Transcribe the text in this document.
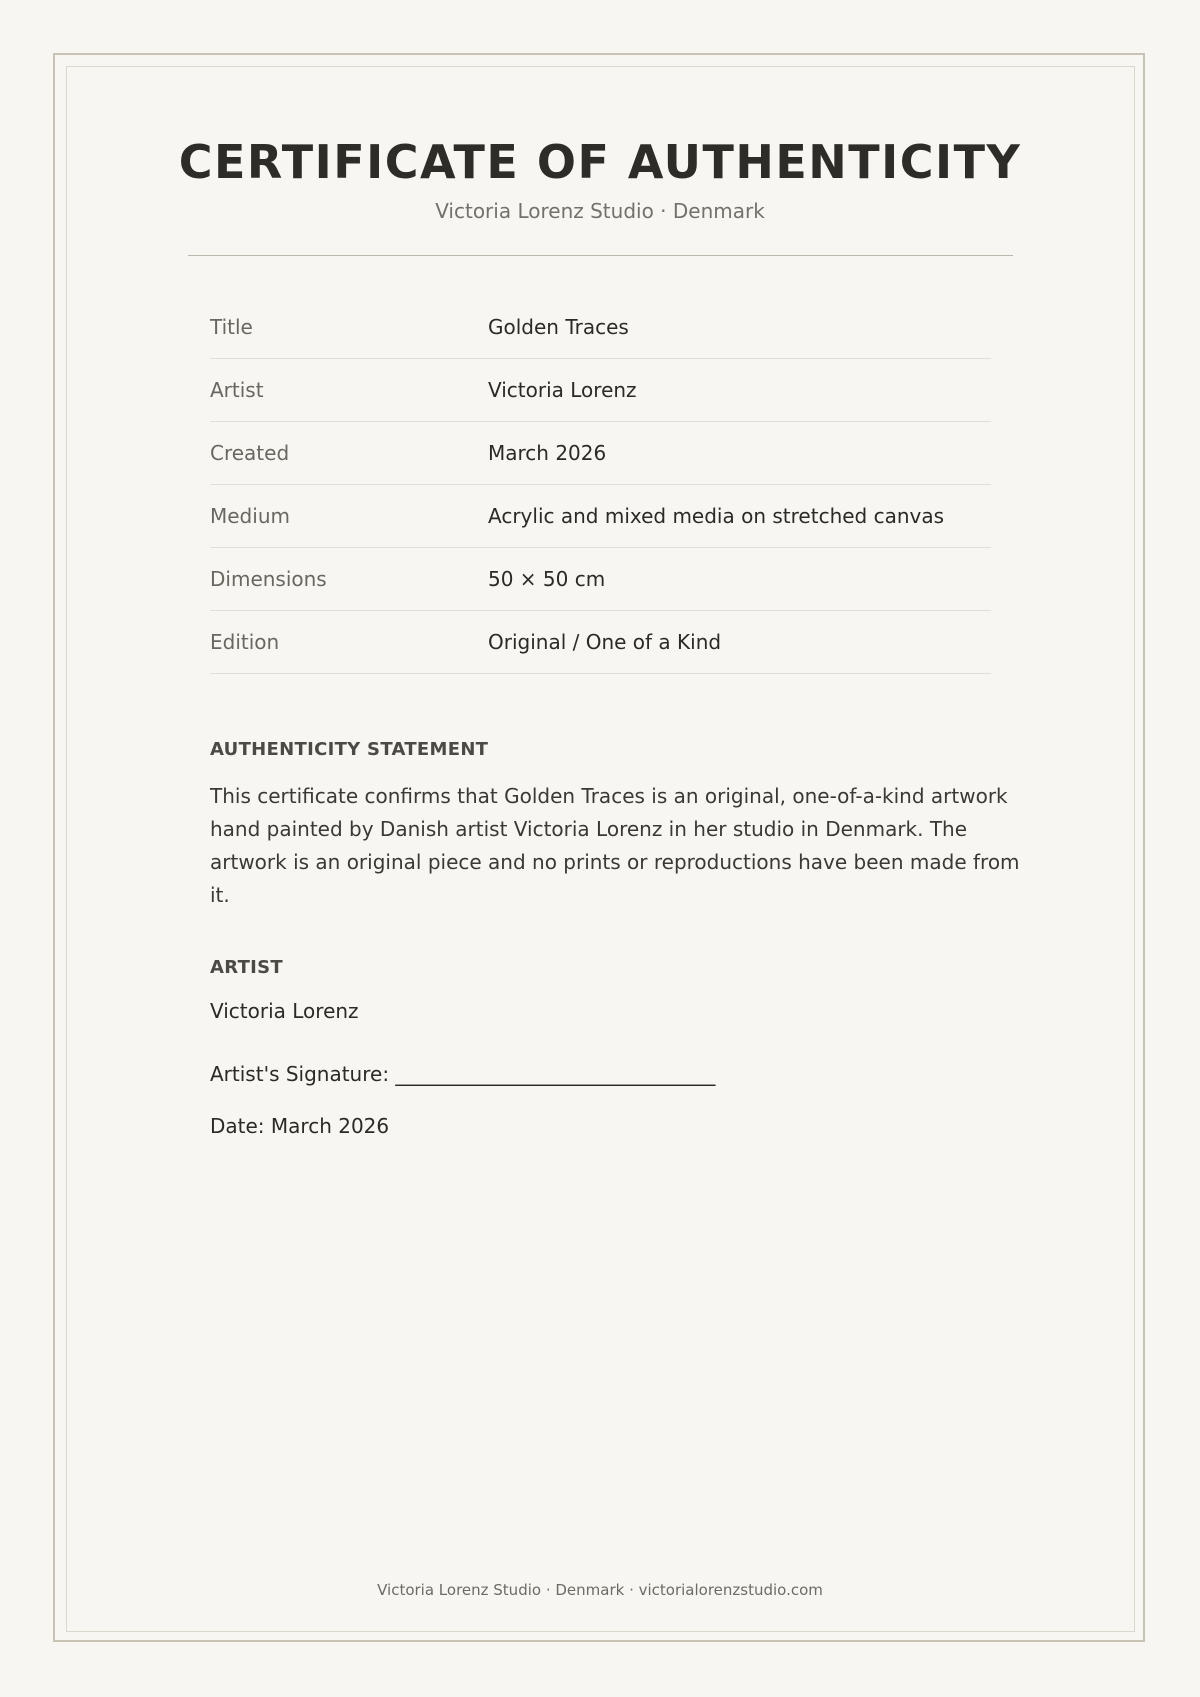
CERTIFICATE OF AUTHENTICITY
Victoria Lorenz Studio · Denmark
Title	Golden Traces
Artist	Victoria Lorenz
Created	March 2026
Medium	Acrylic and mixed media on stretched canvas
Dimensions	50 × 50 cm
Edition	Original / One of a Kind
AUTHENTICITY STATEMENT
This certificate confirms that Golden Traces is an original, one-of-a-kind artwork hand painted by Danish artist Victoria Lorenz in her studio in Denmark. The artwork is an original piece and no prints or reproductions have been made from it.
ARTIST
Victoria Lorenz
Artist's Signature: ________________________________
Date: March 2026
Victoria Lorenz Studio · Denmark · victorialorenzstudio.com
